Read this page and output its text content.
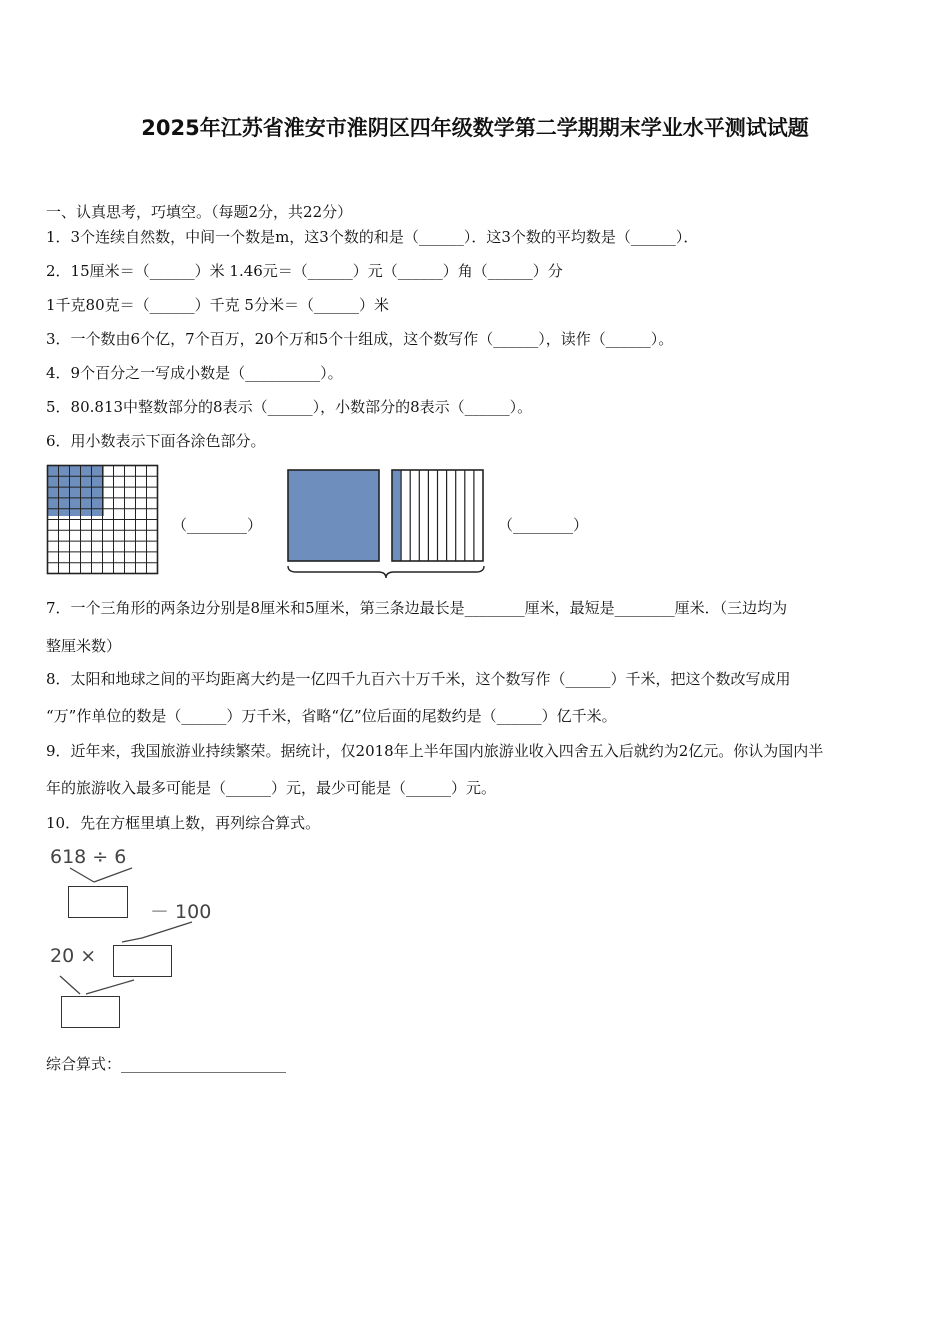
2025年江苏省淮安市淮阴区四年级数学第二学期期末学业水平测试试题
一、认真思考，巧填空。（每题2分，共22分）
1．3个连续自然数，中间一个数是m，这3个数的和是（______）．这3个数的平均数是（______）．
2．15厘米＝（______）米 1.46元＝（______）元（______）角（______）分
1千克80克＝（______）千克 5分米＝（______）米
3．一个数由6个亿，7个百万，20个万和5个十组成，这个数写作（______），读作（______）。
4．9个百分之一写成小数是（__________）。
5．80.813中整数部分的8表示（______），小数部分的8表示（______）。
6．用小数表示下面各涂色部分。
（________）	（________）
7．一个三角形的两条边分别是8厘米和5厘米，第三条边最长是________厘米，最短是________厘米．（三边均为
整厘米数）
8．太阳和地球之间的平均距离大约是一亿四千九百六十万千米，这个数写作（______）千米，把这个数改写成用
“万”作单位的数是（______）万千米，省略“亿”位后面的尾数约是（______）亿千米。
9．近年来，我国旅游业持续繁荣。据统计，仅2018年上半年国内旅游业收入四舍五入后就约为2亿元。你认为国内半
年的旅游收入最多可能是（______）元，最少可能是（______）元。
10．先在方框里填上数，再列综合算式。
618 ÷ 6
－ 100
20 ×
综合算式：______________________
